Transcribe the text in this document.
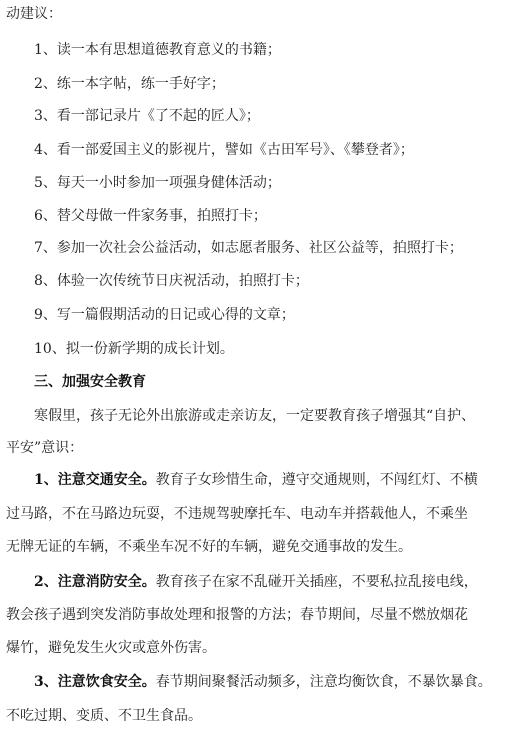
动建议：
1、读一本有思想道德教育意义的书籍；
2、练一本字帖，练一手好字；
3、看一部记录片《了不起的匠人》；
4、看一部爱国主义的影视片，譬如《古田军号》、《攀登者》；
5、每天一小时参加一项强身健体活动；
6、替父母做一件家务事，拍照打卡；
7、参加一次社会公益活动，如志愿者服务、社区公益等，拍照打卡；
8、体验一次传统节日庆祝活动，拍照打卡；
9、写一篇假期活动的日记或心得的文章；
10、拟一份新学期的成长计划。
三、加强安全教育
寒假里，孩子无论外出旅游或走亲访友，一定要教育孩子增强其“自护、
平安”意识：
1、注意交通安全。教育子女珍惜生命，遵守交通规则，不闯红灯、不横
过马路，不在马路边玩耍，不违规驾驶摩托车、电动车并搭载他人，不乘坐
无牌无证的车辆，不乘坐车况不好的车辆，避免交通事故的发生。
2、注意消防安全。教育孩子在家不乱碰开关插座，不要私拉乱接电线，
教会孩子遇到突发消防事故处理和报警的方法；春节期间，尽量不燃放烟花
爆竹，避免发生火灾或意外伤害。
3、注意饮食安全。春节期间聚餐活动频多，注意均衡饮食，不暴饮暴食。
不吃过期、变质、不卫生食品。
